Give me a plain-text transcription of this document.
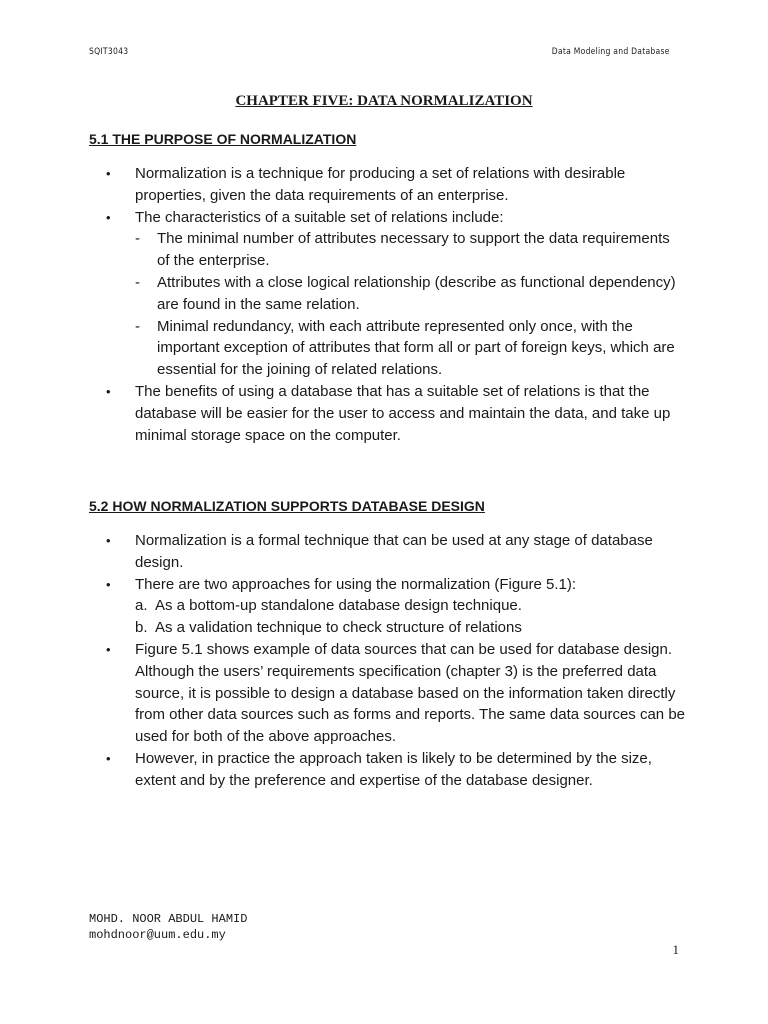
SQIT3043	Data Modeling and Database
CHAPTER FIVE: DATA NORMALIZATION
5.1 THE PURPOSE OF NORMALIZATION
• Normalization is a technique for producing a set of relations with desirable properties, given the data requirements of an enterprise.
• The characteristics of a suitable set of relations include:
- The minimal number of attributes necessary to support the data requirements of the enterprise.
- Attributes with a close logical relationship (describe as functional dependency) are found in the same relation.
- Minimal redundancy, with each attribute represented only once, with the important exception of attributes that form all or part of foreign keys, which are essential for the joining of related relations.
• The benefits of using a database that has a suitable set of relations is that the database will be easier for the user to access and maintain the data, and take up minimal storage space on the computer.
5.2 HOW NORMALIZATION SUPPORTS DATABASE DESIGN
• Normalization is a formal technique that can be used at any stage of database design.
• There are two approaches for using the normalization (Figure 5.1):
a. As a bottom-up standalone database design technique.
b. As a validation technique to check structure of relations
• Figure 5.1 shows example of data sources that can be used for database design. Although the users’ requirements specification (chapter 3) is the preferred data source, it is possible to design a database based on the information taken directly from other data sources such as forms and reports. The same data sources can be used for both of the above approaches.
• However, in practice the approach taken is likely to be determined by the size, extent and by the preference and expertise of the database designer.
MOHD. NOOR ABDUL HAMID
mohdnoor@uum.edu.my
1
